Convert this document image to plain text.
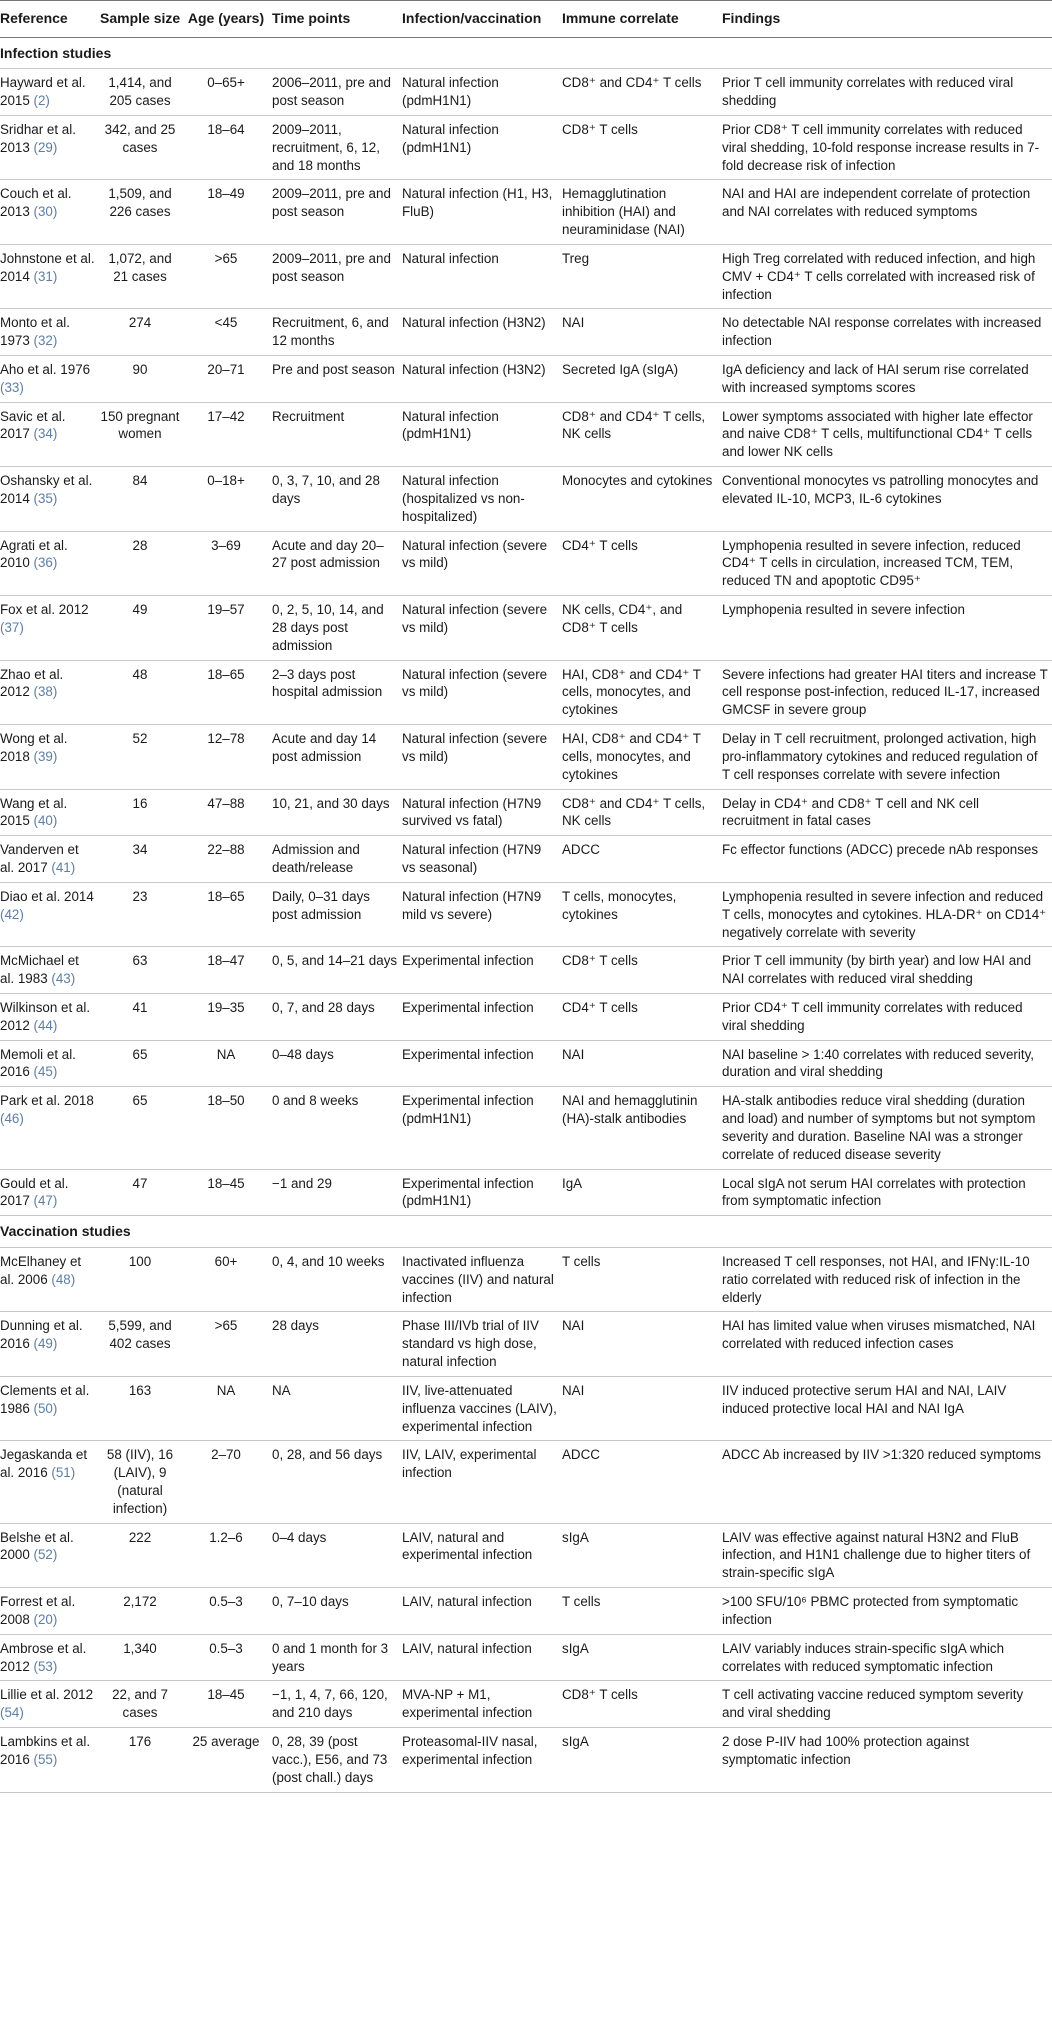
Reference	Sample size	Age (years)	Time points	Infection/vaccination	Immune correlate	Findings
Infection studies						
Hayward et al. 2015 (2)	1,414, and 205 cases	0–65+	2006–2011, pre and post season	Natural infection (pdmH1N1)	CD8⁺ and CD4⁺ T cells	Prior T cell immunity correlates with reduced viral shedding
Sridhar et al. 2013 (29)	342, and 25 cases	18–64	2009–2011, recruitment, 6, 12, and 18 months	Natural infection (pdmH1N1)	CD8⁺ T cells	Prior CD8⁺ T cell immunity correlates with reduced viral shedding, 10-fold response increase results in 7-fold decrease risk of infection
Couch et al. 2013 (30)	1,509, and 226 cases	18–49	2009–2011, pre and post season	Natural infection (H1, H3, FluB)	Hemagglutination inhibition (HAI) and neuraminidase (NAI)	NAI and HAI are independent correlate of protection and NAI correlates with reduced symptoms
Johnstone et al. 2014 (31)	1,072, and 21 cases	>65	2009–2011, pre and post season	Natural infection	Treg	High Treg correlated with reduced infection, and high CMV + CD4⁺ T cells correlated with increased risk of infection
Monto et al. 1973 (32)	274	<45	Recruitment, 6, and 12 months	Natural infection (H3N2)	NAI	No detectable NAI response correlates with increased infection
Aho et al. 1976 (33)	90	20–71	Pre and post season	Natural infection (H3N2)	Secreted IgA (sIgA)	IgA deficiency and lack of HAI serum rise correlated with increased symptoms scores
Savic et al. 2017 (34)	150 pregnant women	17–42	Recruitment	Natural infection (pdmH1N1)	CD8⁺ and CD4⁺ T cells, NK cells	Lower symptoms associated with higher late effector and naive CD8⁺ T cells, multifunctional CD4⁺ T cells and lower NK cells
Oshansky et al. 2014 (35)	84	0–18+	0, 3, 7, 10, and 28 days	Natural infection (hospitalized vs non-hospitalized)	Monocytes and cytokines	Conventional monocytes vs patrolling monocytes and elevated IL-10, MCP3, IL-6 cytokines
Agrati et al. 2010 (36)	28	3–69	Acute and day 20–27 post admission	Natural infection (severe vs mild)	CD4⁺ T cells	Lymphopenia resulted in severe infection, reduced CD4⁺ T cells in circulation, increased TCM, TEM, reduced TN and apoptotic CD95⁺
Fox et al. 2012 (37)	49	19–57	0, 2, 5, 10, 14, and 28 days post admission	Natural infection (severe vs mild)	NK cells, CD4⁺, and CD8⁺ T cells	Lymphopenia resulted in severe infection
Zhao et al. 2012 (38)	48	18–65	2–3 days post hospital admission	Natural infection (severe vs mild)	HAI, CD8⁺ and CD4⁺ T cells, monocytes, and cytokines	Severe infections had greater HAI titers and increase T cell response post-infection, reduced IL-17, increased GMCSF in severe group
Wong et al. 2018 (39)	52	12–78	Acute and day 14 post admission	Natural infection (severe vs mild)	HAI, CD8⁺ and CD4⁺ T cells, monocytes, and cytokines	Delay in T cell recruitment, prolonged activation, high pro-inflammatory cytokines and reduced regulation of T cell responses correlate with severe infection
Wang et al. 2015 (40)	16	47–88	10, 21, and 30 days	Natural infection (H7N9 survived vs fatal)	CD8⁺ and CD4⁺ T cells, NK cells	Delay in CD4⁺ and CD8⁺ T cell and NK cell recruitment in fatal cases
Vanderven et al. 2017 (41)	34	22–88	Admission and death/release	Natural infection (H7N9 vs seasonal)	ADCC	Fc effector functions (ADCC) precede nAb responses
Diao et al. 2014 (42)	23	18–65	Daily, 0–31 days post admission	Natural infection (H7N9 mild vs severe)	T cells, monocytes, cytokines	Lymphopenia resulted in severe infection and reduced T cells, monocytes and cytokines. HLA-DR⁺ on CD14⁺ negatively correlate with severity
McMichael et al. 1983 (43)	63	18–47	0, 5, and 14–21 days	Experimental infection	CD8⁺ T cells	Prior T cell immunity (by birth year) and low HAI and NAI correlates with reduced viral shedding
Wilkinson et al. 2012 (44)	41	19–35	0, 7, and 28 days	Experimental infection	CD4⁺ T cells	Prior CD4⁺ T cell immunity correlates with reduced viral shedding
Memoli et al. 2016 (45)	65	NA	0–48 days	Experimental infection	NAI	NAI baseline > 1:40 correlates with reduced severity, duration and viral shedding
Park et al. 2018 (46)	65	18–50	0 and 8 weeks	Experimental infection (pdmH1N1)	NAI and hemagglutinin (HA)-stalk antibodies	HA-stalk antibodies reduce viral shedding (duration and load) and number of symptoms but not symptom severity and duration. Baseline NAI was a stronger correlate of reduced disease severity
Gould et al. 2017 (47)	47	18–45	−1 and 29	Experimental infection (pdmH1N1)	IgA	Local sIgA not serum HAI correlates with protection from symptomatic infection
Vaccination studies						
McElhaney et al. 2006 (48)	100	60+	0, 4, and 10 weeks	Inactivated influenza vaccines (IIV) and natural infection	T cells	Increased T cell responses, not HAI, and IFNγ:IL-10 ratio correlated with reduced risk of infection in the elderly
Dunning et al. 2016 (49)	5,599, and 402 cases	>65	28 days	Phase III/IVb trial of IIV standard vs high dose, natural infection	NAI	HAI has limited value when viruses mismatched, NAI correlated with reduced infection cases
Clements et al. 1986 (50)	163	NA	NA	IIV, live-attenuated influenza vaccines (LAIV), experimental infection	NAI	IIV induced protective serum HAI and NAI, LAIV induced protective local HAI and NAI IgA
Jegaskanda et al. 2016 (51)	58 (IIV), 16 (LAIV), 9 (natural infection)	2–70	0, 28, and 56 days	IIV, LAIV, experimental infection	ADCC	ADCC Ab increased by IIV >1:320 reduced symptoms
Belshe et al. 2000 (52)	222	1.2–6	0–4 days	LAIV, natural and experimental infection	sIgA	LAIV was effective against natural H3N2 and FluB infection, and H1N1 challenge due to higher titers of strain-specific sIgA
Forrest et al. 2008 (20)	2,172	0.5–3	0, 7–10 days	LAIV, natural infection	T cells	>100 SFU/10⁶ PBMC protected from symptomatic infection
Ambrose et al. 2012 (53)	1,340	0.5–3	0 and 1 month for 3 years	LAIV, natural infection	sIgA	LAIV variably induces strain-specific sIgA which correlates with reduced symptomatic infection
Lillie et al. 2012 (54)	22, and 7 cases	18–45	−1, 1, 4, 7, 66, 120, and 210 days	MVA-NP + M1, experimental infection	CD8⁺ T cells	T cell activating vaccine reduced symptom severity and viral shedding
Lambkins et al. 2016 (55)	176	25 average	0, 28, 39 (post vacc.), E56, and 73 (post chall.) days	Proteasomal-IIV nasal, experimental infection	sIgA	2 dose P-IIV had 100% protection against symptomatic infection
